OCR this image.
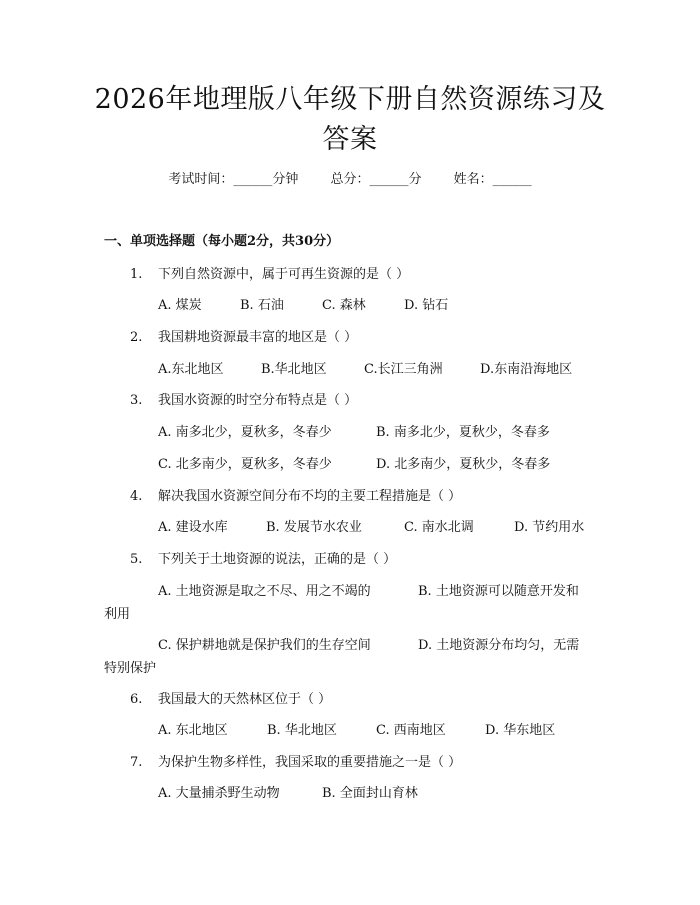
2026年地理版八年级下册自然资源练习及答案
考试时间：______分钟 总分：______分 姓名：______
一、单项选择题（每小题2分，共30分）
1. 下列自然资源中，属于可再生资源的是（ ）
A. 煤炭	B. 石油	C. 森林	D. 钻石
2. 我国耕地资源最丰富的地区是（ ）
A.东北地区	B.华北地区	C.长江三角洲	D.东南沿海地区
3. 我国水资源的时空分布特点是（ ）
A. 南多北少，夏秋多，冬春少	B. 南多北少，夏秋少，冬春多
C. 北多南少，夏秋多，冬春少	D. 北多南少，夏秋少，冬春多
4. 解决我国水资源空间分布不均的主要工程措施是（ ）
A. 建设水库	B. 发展节水农业	C. 南水北调	D. 节约用水
5. 下列关于土地资源的说法，正确的是（ ）
A. 土地资源是取之不尽、用之不竭的	B. 土地资源可以随意开发和
利用
C. 保护耕地就是保护我们的生存空间	D. 土地资源分布均匀，无需
特别保护
6. 我国最大的天然林区位于（ ）
A. 东北地区	B. 华北地区	C. 西南地区	D. 华东地区
7. 为保护生物多样性，我国采取的重要措施之一是（ ）
A. 大量捕杀野生动物	B. 全面封山育林
